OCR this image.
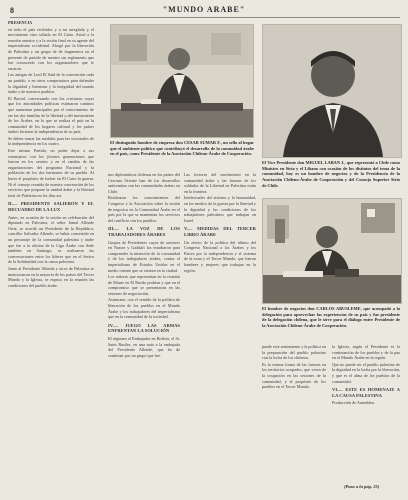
8	"MUNDO ARABE"

PRESENCIA

en todo el país recibidos y a mi arreglado y el movimiento vino tallado en El Cairo. Asistí a la reunión anterior y a la sesión final en su agente del imperialismo occidental. Abogó por la liberación de Palestina y un grupo de de fragmentos en el presente de partido de mentes sin reglamento que fue concurrido con los organizadores que le sacaron.

Las amigas de Lord El Said de la convención cada un partido, o en otros compromisos para defender la dignidad y bienestar y la integridad del mundo árabe y de nuestros pueblos.

El Baceal, conversando con los cristianos cuyas que los autoridades políticas estimaron caminos que aumentan principales por el conocimiento de ser las dos familias de la libertad y del movimiento de los Árabes, en lo que se realiza el país en la comunidad de los hogares cultural y los países árabes hicieron la independencia de su país.

Se deben tomar las medidas para las sectoriales de la independencia en los cuatro.

Este mismo Partido, no poder dejar a sus extranjeros con los jóvenes generaciones que fueron en los centros y en el cambio de las organizaciones del programa Nacional y la población de los dos hermanos de su pueblo. Al hacer el propósito de luchar en El Cairo la guerra. Ni el consejo reunido de nuestra convención de los servicios que propone la unidad árabe y la libertad total de Palestina en los días así.

II.— PRESIDENTE SALIERON Y EL RECUADRO DE LA LUX

Antes, en ocasión de la sesión en celebración del diputado en Palestina, el señor Jamal Allende Ortiz, se acordó un Presidente de la República, canciller Salvador Allende, se había convertido en un personaje de la comunidad palestina y árabe que fue a la oficina de la Liga Árabe con Sede también en Santiago, se realizaron las conversaciones entre los líderes que en el Sector de la Solidaridad con la causa palestina.

Junto al Presidente Allende y otros de Palestina se mencionaron en la mayoría de los países del Tercer Mundo y la Iglesia, se expuso en la reunión las condiciones del pueblo árabe.

El distinguido hombre de empresa don CESAR SUMAR F., un sello al hogar que el ambiente político que contribuyó el desarrollo de la comunidad árabe en el país, como Presidente de la Asociación Chileno-Árabe de Cooperación.
El Vice Presidente don MIGUEL LABAN J., que representó a Chile como Ministro en Siria y el Líbano con ocasión de los distintos del tema de la comunidad, hoy es un hombre de negocios y de la Presidencia de la Asociación Chileno-Árabe de Cooperación y del Consejo Superior Sirio de Chile.

nos diplomáticas chilenas en los países del Cercano Oriente han de los desarrollos antisemitas con las comunidades árabes en Chile.

Realizaron los conocimientos del Congreso y la Asociación sobre la sesión de negocios en la Comunidad Árabe en el país por la que se mantenían los servicios del conflicto con los pueblos.

III.— LA VOZ DE LOS TRABAJADORES ÁRABES

Grupos de Presidentes cuyas de asesores en Nasser y Gaddafi los estudiaron para comprender la intención de la comunidad y de los trabajadores árabes, contra el imperialismo de Estados Unidos en el medio oriente que se sienten en la ciudad.

Los señores que representan en la reunión de Monte en El Ruedo podrían y que en el compromiso que se presentaron en las sesiones de negociación.

Asimismo, con el sentido de la política de liberación de los pueblos en el Mundo Árabe y los trabajadores del imperialismo que en la comunidad de la sociedad.

IV.— JUEGO LAS ARMAS ENFRENTAN LA SOLUCIÓN

El régimen al Embajador en Bolivia, el Sr. Saint Basiles, en una nota a la embajada del Presidente Allende, que ha de continuar por un grupo que fue.

Las lectores del movimiento en la comunidad árabe y las fuerzas de los soldados de la Libertad en Palestina están en la frontera.

Intelectuales del sistema y la humanidad, en los medios de la guerra por la libertad y la dignidad y las condiciones de los trabajadores palestinos que trabajan en Israel.

V.— MEDIDAS DEL TERCER LIBRO ÁRABE

Un efecto de la política del último del Congreso Nacional a los Árabes y los Países por la independencia y el sistema de la zona y el Tercer Mundo, que fueron hombres y mujeres que trabajan en la región.

El hombre de negocios don CARLOS ABUSLEME, que acompañó a la delegación para aprovechar las experiencias de su país y fue presidente de la delegación chilena, que le sirve para el diálogo entre Presidente de la Asociación Chileno-Árabe de Cooperación.

puede este sentimiento y la política en la preparación del pueblo palestino con la lucha de los chilenos.

Es la misma forma de las fuerzas en los territorios ocupados, que viven de la ocupación en las sesiones de la comunidad, y el propósito de los pueblos en el Tercer Mundo.

la Iglesia, según el Presidente es la continuación de los pueblos y de la paz en el Mundo Árabe en la región.

Que no puede ser el pueblo palestino de la dignidad en la lucha por la liberación, y que es el alma de los pueblos de la comunidad.

VI.— ESTE ES HOMENAJE A LA CAUSA PALESTINA

Producción de Asamblea.

(Pasa a la pág. 25)
